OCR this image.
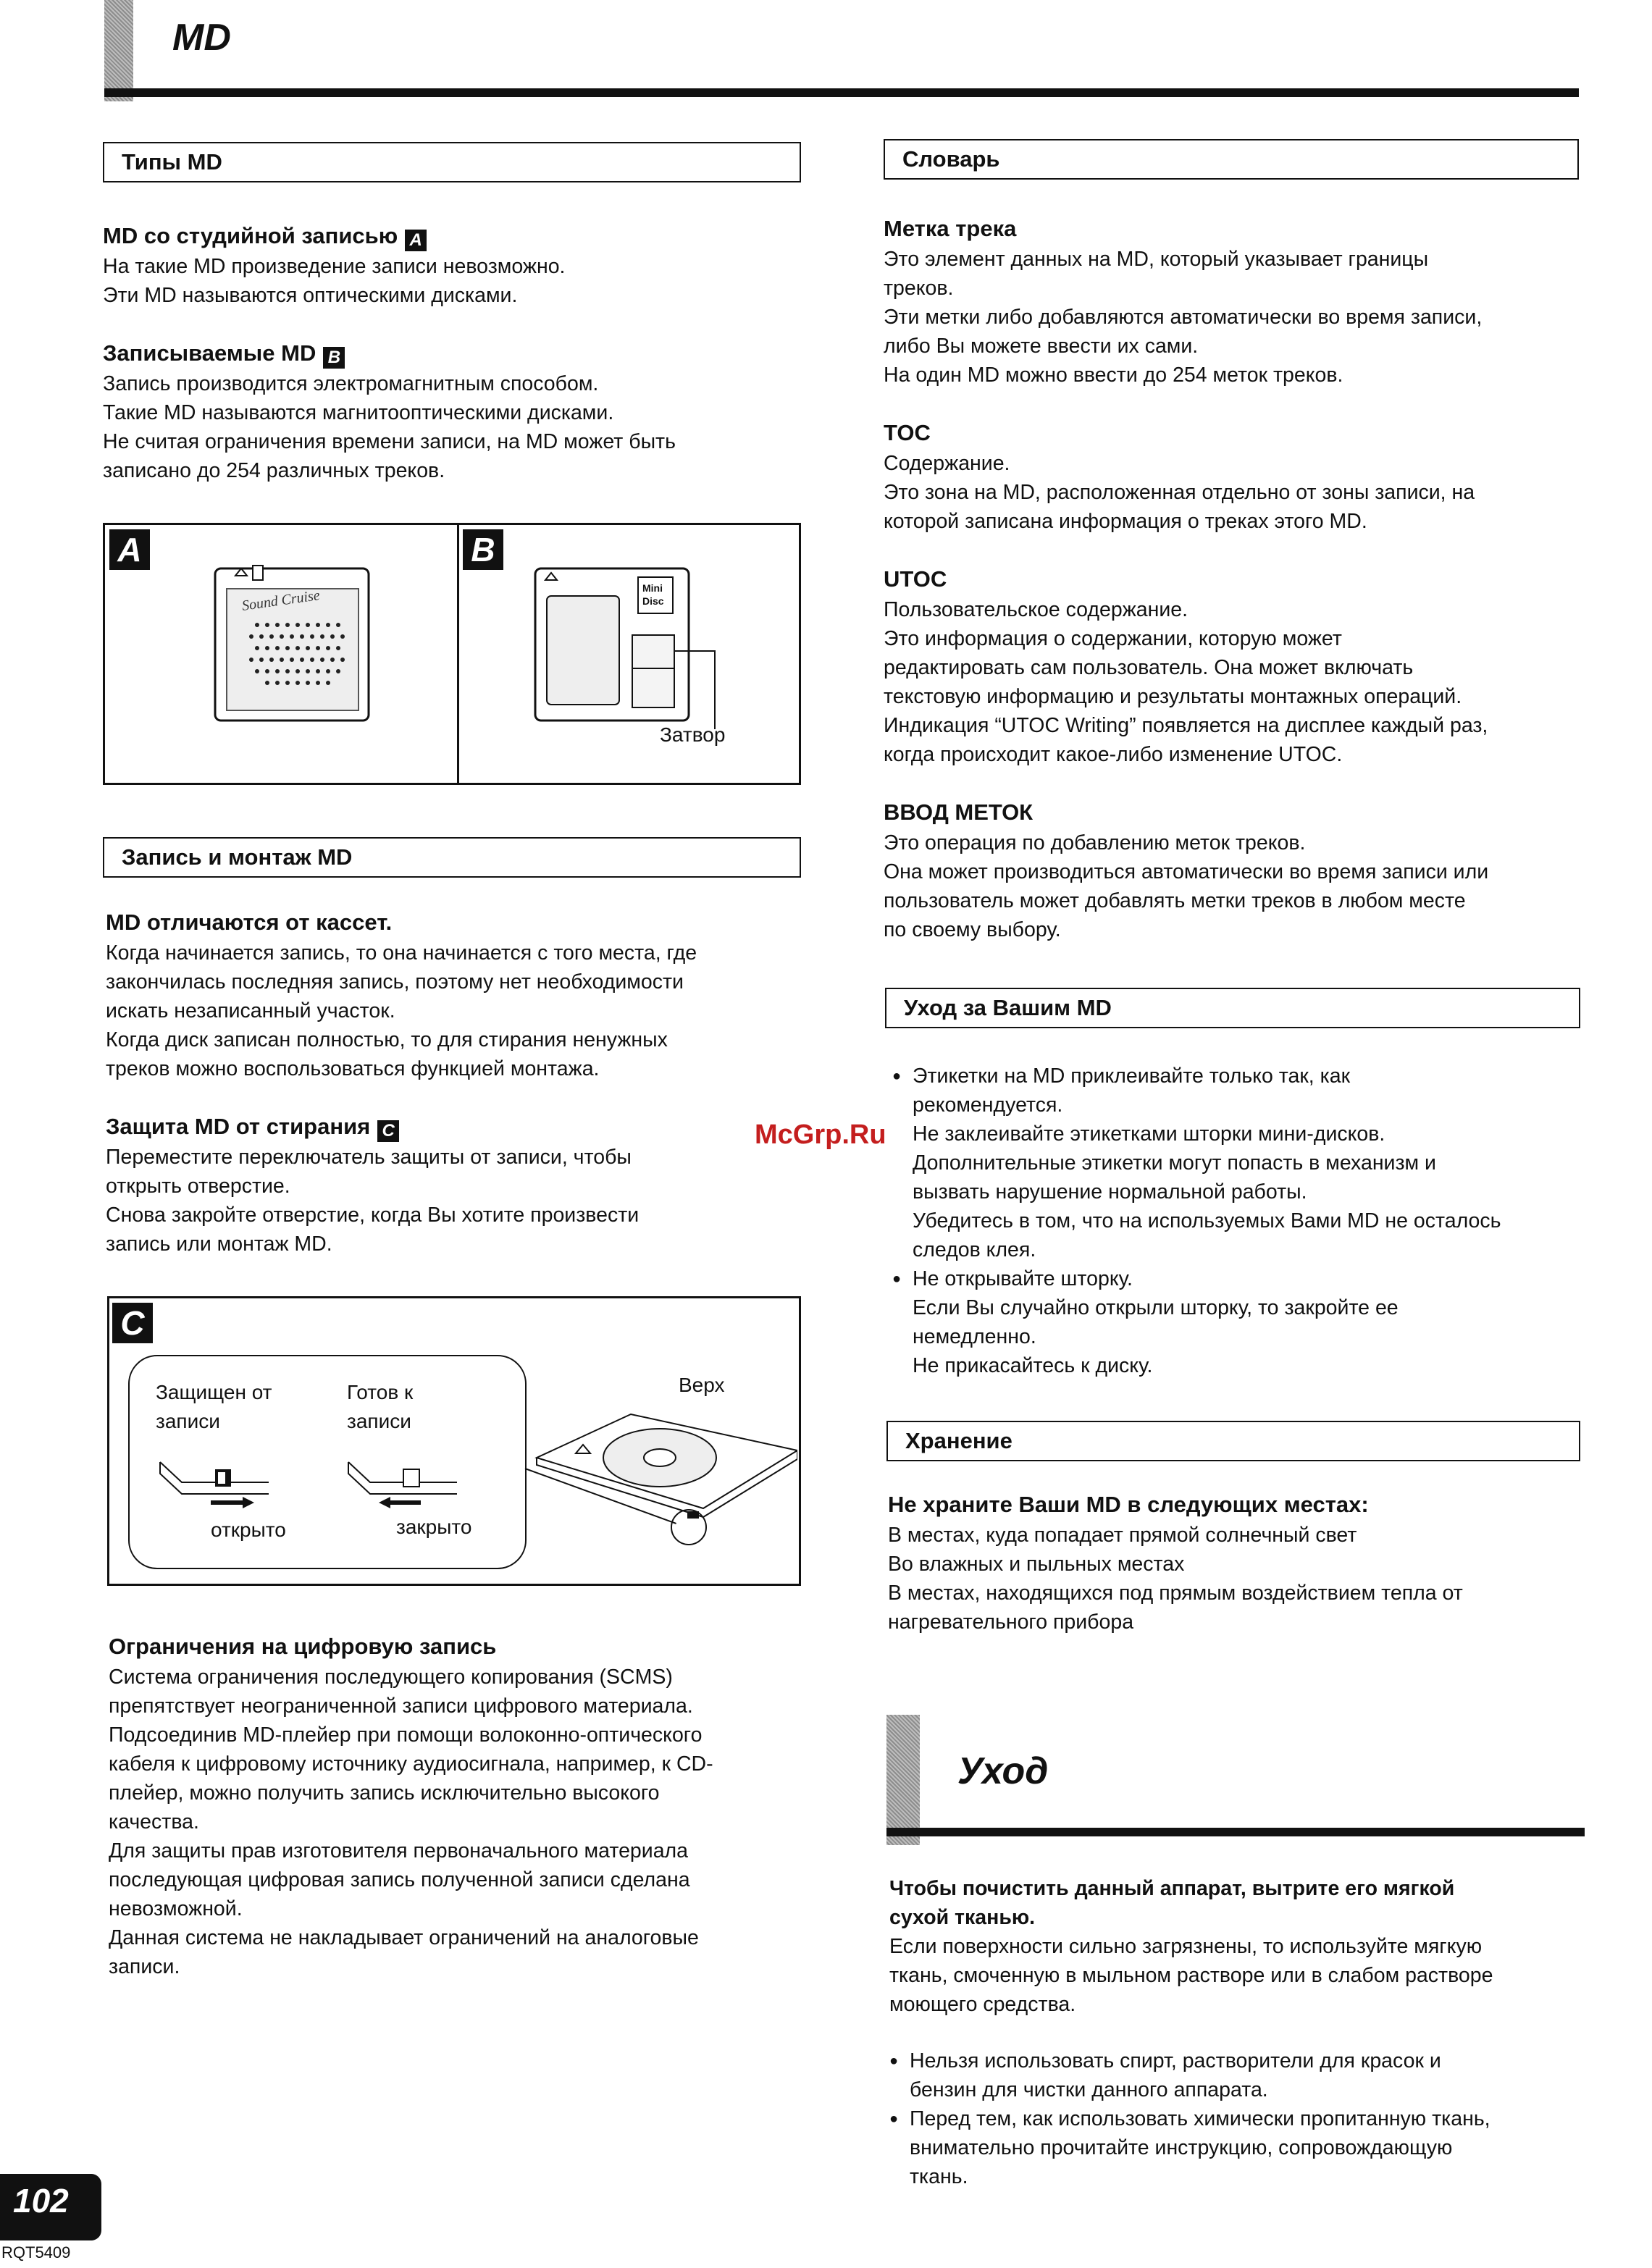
MD
Типы MD
MD со студийной записью A

На такие MD произведение записи невозможно.
Эти MD называются оптическими дисками.

Записываемые MD B

Запись производится электромагнитным способом.
Такие MD называются магнитооптическими дисками.
Не считая ограничения времени записи, на MD может быть
записано до 254 различных треков.

A	B
Sound Cruise	Mini
Disc
Затвор
Запись и монтаж MD
MD отличаются от кассет.

Когда начинается запись, то она начинается с того места, где
закончилась последняя запись, поэтому нет необходимости
искать незаписанный участок.
Когда диск записан полностью, то для стирания ненужных
треков можно воспользоваться функцией монтажа.

Защита MD от стирания C

Переместите переключатель защиты от записи, чтобы
открыть отверстие.
Снова закройте отверстие, когда Вы хотите произвести
запись или монтаж MD.

C
Защищен от
записи
Готов к
записи
Верх
открыто	закрыто
Ограничения на цифровую запись

Система ограничения последующего копирования (SCMS)
препятствует неограниченной записи цифрового материала.
Подсоединив MD-плейер при помощи волоконно-оптического
кабеля к цифровому источнику аудиосигнала, например, к CD-
плейер, можно получить запись исключительно высокого
качества.
Для защиты прав изготовителя первоначального материала
последующая цифровая запись полученной записи сделана
невозможной.
Данная система не накладывает ограничений на аналоговые
записи.

Словарь
Метка трека

Это элемент данных на MD, который указывает границы
треков.
Эти метки либо добавляются автоматически во время записи,
либо Вы можете ввести их сами.
На один MD можно ввести до 254 меток треков.

TOC

Содержание.
Это зона на MD, расположенная отдельно от зоны записи, на
которой записана информация о треках этого MD.

UTOC

Пользовательское содержание.
Это информация о содержании, которую может
редактировать сам пользователь. Она может включать
текстовую информацию и результаты монтажных операций.
Индикация “UTOC Writing” появляется на дисплее каждый раз,
когда происходит какое-либо изменение UTOC.

ВВОД МЕТОК

Это операция по добавлению меток треков.
Она может производиться автоматически во время записи или
пользователь может добавлять метки треков в любом месте
по своему выбору.

Уход за Вашим MD
● Этикетки на MD приклеивайте только так, как
рекомендуется.
Не заклеивайте этикетками шторки мини-дисков.
Дополнительные этикетки могут попасть в механизм и
вызвать нарушение нормальной работы.
Убедитесь в том, что на используемых Вами MD не осталось
следов клея.
● Не открывайте шторку.
Если Вы случайно открыли шторку, то закройте ее
немедленно.
Не прикасайтесь к диску.
Хранение
Не храните Ваши MD в следующих местах:

В местах, куда попадает прямой солнечный свет
Во влажных и пыльных местах
В местах, находящихся под прямым воздействием тепла от
нагревательного прибора

Уход

Чтобы почистить данный аппарат, вытрите его мягкой
сухой тканью.

Если поверхности сильно загрязнены, то используйте мягкую
ткань, смоченную в мыльном растворе или в слабом растворе
моющего средства.

● Нельзя использовать спирт, растворители для красок и
бензин для чистки данного аппарата.
● Перед тем, как использовать химически пропитанную ткань,
внимательно прочитайте инструкцию, сопровождающую
ткань.
McGrp.Ru
102
RQT5409
